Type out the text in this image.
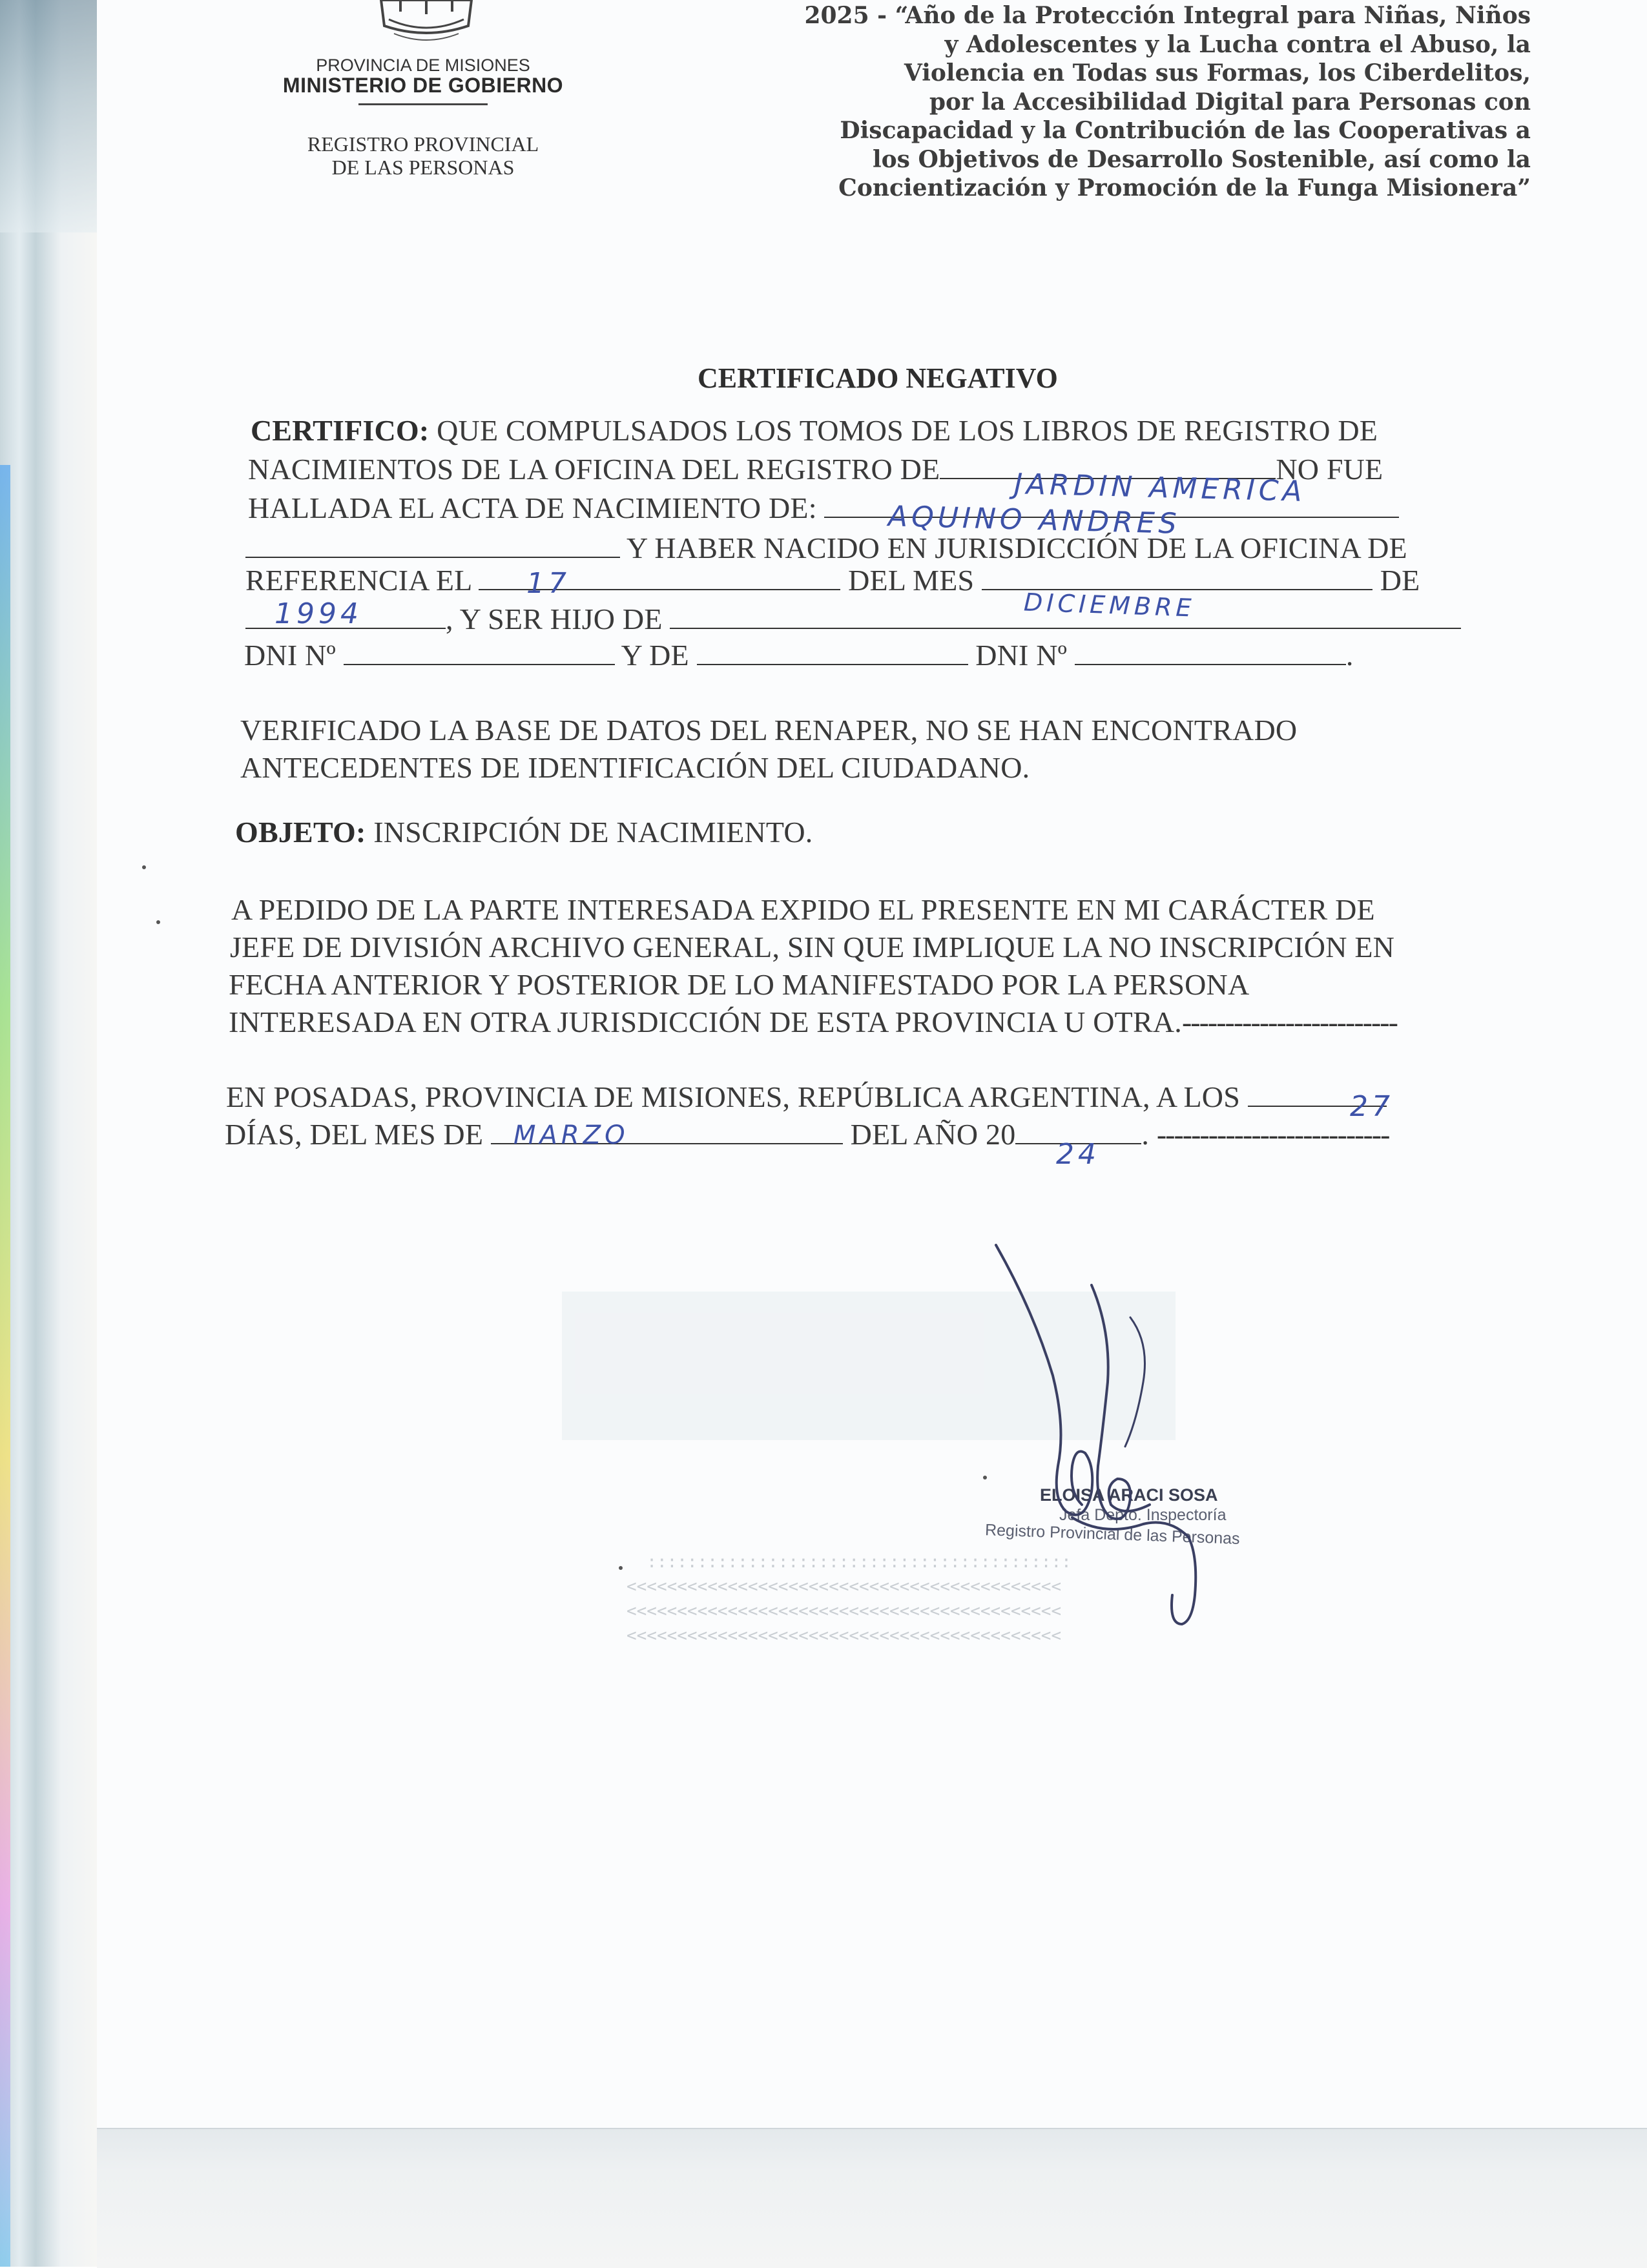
PROVINCIA DE MISIONES
MINISTERIO DE GOBIERNO
REGISTRO PROVINCIAL
DE LAS PERSONAS
2025 - “Año de la Protección Integral para Niñas, Niños
y Adolescentes y la Lucha contra el Abuso, la
Violencia en Todas sus Formas, los Ciberdelitos,
por la Accesibilidad Digital para Personas con
Discapacidad y la Contribución de las Cooperativas a
los Objetivos de Desarrollo Sostenible, así como la
Concientización y Promoción de la Funga Misionera”
CERTIFICADO NEGATIVO
CERTIFICO: QUE COMPULSADOS LOS TOMOS DE LOS LIBROS DE REGISTRO DE
NACIMIENTOS DE LA OFICINA DEL REGISTRO DE	NO FUE
JARDIN AMERICA
HALLADA EL ACTA DE NACIMIENTO DE:	AQUINO ANDRES
Y HABER NACIDO EN JURISDICCIÓN DE LA OFICINA DE
REFERENCIA EL	DEL MES	DE
17
DICIEMBRE
, Y SER HIJO DE
1994
DNI Nº	Y DE	DNI Nº	.
VERIFICADO LA BASE DE DATOS DEL RENAPER, NO SE HAN ENCONTRADO
ANTECEDENTES DE IDENTIFICACIÓN DEL CIUDADANO.
OBJETO: INSCRIPCIÓN DE NACIMIENTO.
A PEDIDO DE LA PARTE INTERESADA EXPIDO EL PRESENTE EN MI CARÁCTER DE
JEFE DE DIVISIÓN ARCHIVO GENERAL, SIN QUE IMPLIQUE LA NO INSCRIPCIÓN EN
FECHA ANTERIOR Y POSTERIOR DE LO MANIFESTADO POR LA PERSONA
INTERESADA EN OTRA JURISDICCIÓN DE ESTA PROVINCIA U OTRA.-------------------------
EN POSADAS, PROVINCIA DE MISIONES, REPÚBLICA ARGENTINA, A LOS	27
DÍAS, DEL MES DE	DEL AÑO 20	. ---------------------------
MARZO
24
::::::::::::::::::::::::::::::::::::::::::
<<<<<<<<<<<<<<<<<<<<<<<<<<<<<<<<<<<<<<<<<<<
<<<<<<<<<<<<<<<<<<<<<<<<<<<<<<<<<<<<<<<<<<<
<<<<<<<<<<<<<<<<<<<<<<<<<<<<<<<<<<<<<<<<<<<
ELOISA ARACI SOSA
Jefa Depto. Inspectoría
Registro Provincial de las Personas
